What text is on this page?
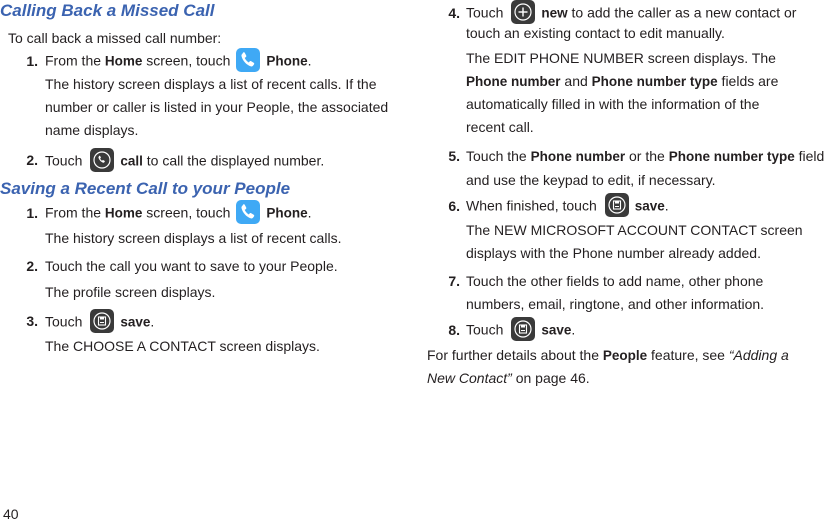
40
Calling Back a Missed Call
To call back a missed call number:
1. From the Home screen, touch	Phone.
The history screen displays a list of recent calls. If the
number or caller is listed in your People, the associated
name displays.
2. Touch	call to call the displayed number.
Saving a Recent Call to your People
1. From the Home screen, touch	Phone.
The history screen displays a list of recent calls.
2. Touch the call you want to save to your People.
The profile screen displays.
3. Touch	save.
The CHOOSE A CONTACT screen displays.
4. Touch	new to add the caller as a new contact or
touch an existing contact to edit manually.
The EDIT PHONE NUMBER screen displays. The
Phone number and Phone number type fields are
automatically filled in with the information of the
recent call.
5. Touch the Phone number or the Phone number type field
and use the keypad to edit, if necessary.
6. When finished, touch	save.
The NEW MICROSOFT ACCOUNT CONTACT screen
displays with the Phone number already added.
7. Touch the other fields to add name, other phone
numbers, email, ringtone, and other information.
8. Touch	save.
For further details about the People feature, see “Adding a
New Contact” on page 46.
